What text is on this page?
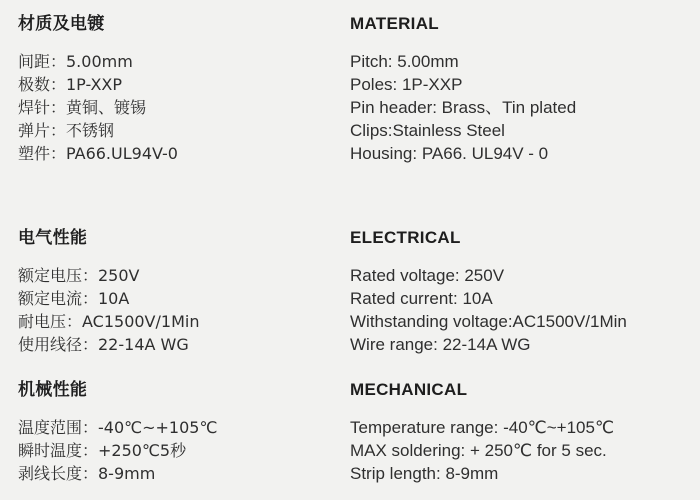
材质及电镀
间距：5.00mm
极数：1P-XXP
焊针：黄铜、镀锡
弹片：不锈钢
塑件：PA66.UL94V-0
电气性能
额定电压：250V
额定电流：10A
耐电压：AC1500V/1Min
使用线径：22-14A WG
机械性能
温度范围：-40℃~+105℃
瞬时温度：+250℃5秒
剥线长度：8-9mm
MATERIAL
Pitch: 5.00mm
Poles: 1P-XXP
Pin header: Brass、Tin plated
Clips:Stainless Steel
Housing: PA66. UL94V - 0
ELECTRICAL
Rated voltage: 250V
Rated current: 10A
Withstanding voltage:AC1500V/1Min
Wire range: 22-14A WG
MECHANICAL
Temperature range: -40℃~+105℃
MAX soldering: + 250℃ for 5 sec.
Strip length: 8-9mm
